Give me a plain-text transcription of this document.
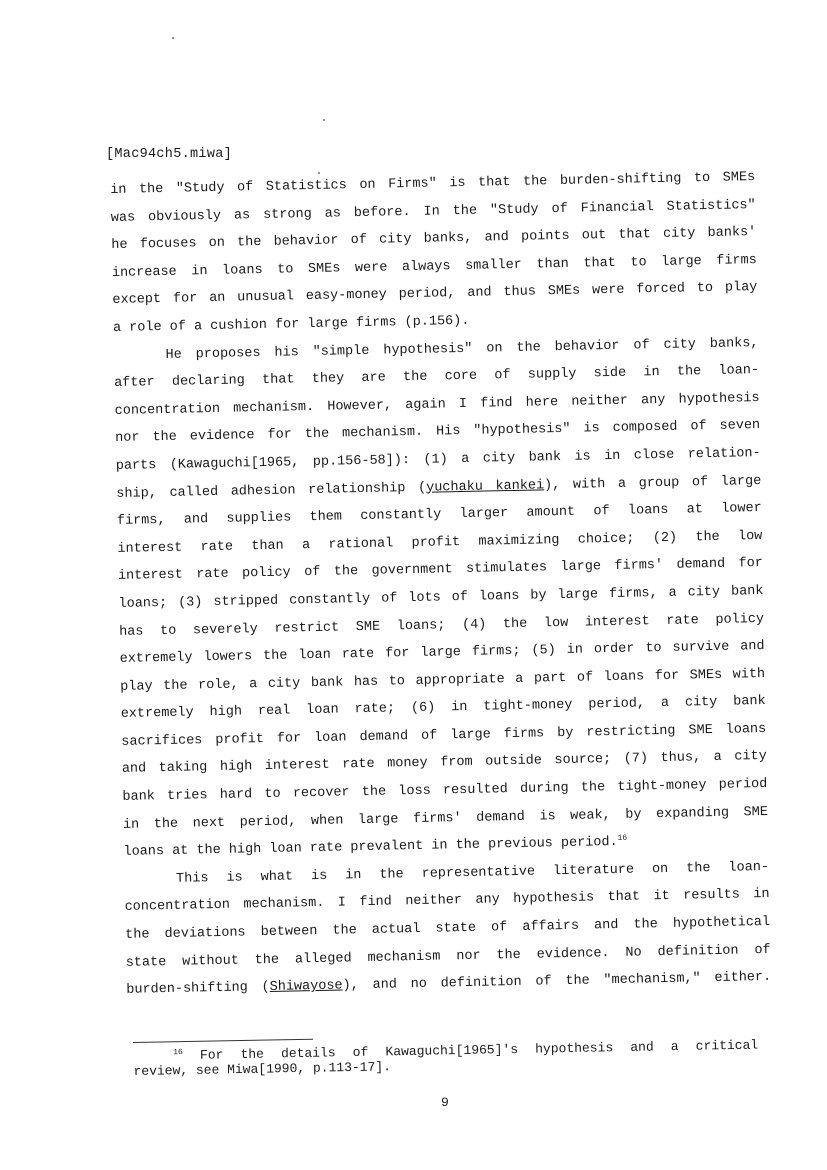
[Mac94ch5.miwa]
in the "Study of Statistics on Firms" is that the burden-shifting to SMEs
was obviously as strong as before. In the "Study of Financial Statistics"
he focuses on the behavior of city banks, and points out that city banks'
increase in loans to SMEs were always smaller than that to large firms
except for an unusual easy-money period, and thus SMEs were forced to play
a role of a cushion for large firms (p.156).
He proposes his "simple hypothesis" on the behavior of city banks,
after declaring that they are the core of supply side in the loan-
concentration mechanism. However, again I find here neither any hypothesis
nor the evidence for the mechanism. His "hypothesis" is composed of seven
parts (Kawaguchi[1965, pp.156-58]): (1) a city bank is in close relation-
ship, called adhesion relationship (yuchaku kankei), with a group of large
firms, and supplies them constantly larger amount of loans at lower
interest rate than a rational profit maximizing choice; (2) the low
interest rate policy of the government stimulates large firms' demand for
loans; (3) stripped constantly of lots of loans by large firms, a city bank
has to severely restrict SME loans; (4) the low interest rate policy
extremely lowers the loan rate for large firms; (5) in order to survive and
play the role, a city bank has to appropriate a part of loans for SMEs with
extremely high real loan rate; (6) in tight-money period, a city bank
sacrifices profit for loan demand of large firms by restricting SME loans
and taking high interest rate money from outside source; (7) thus, a city
bank tries hard to recover the loss resulted during the tight-money period
in the next period, when large firms' demand is weak, by expanding SME
loans at the high loan rate prevalent in the previous period.$^{16}$
This is what is in the representative literature on the loan-
concentration mechanism. I find neither any hypothesis that it results in
the deviations between the actual state of affairs and the hypothetical
state without the alleged mechanism nor the evidence. No definition of
burden-shifting (Shiwayose), and no definition of the "mechanism," either.
$^{16}$ For the details of Kawaguchi[1965]'s hypothesis and a critical
review, see Miwa[1990, p.113-17].
9
